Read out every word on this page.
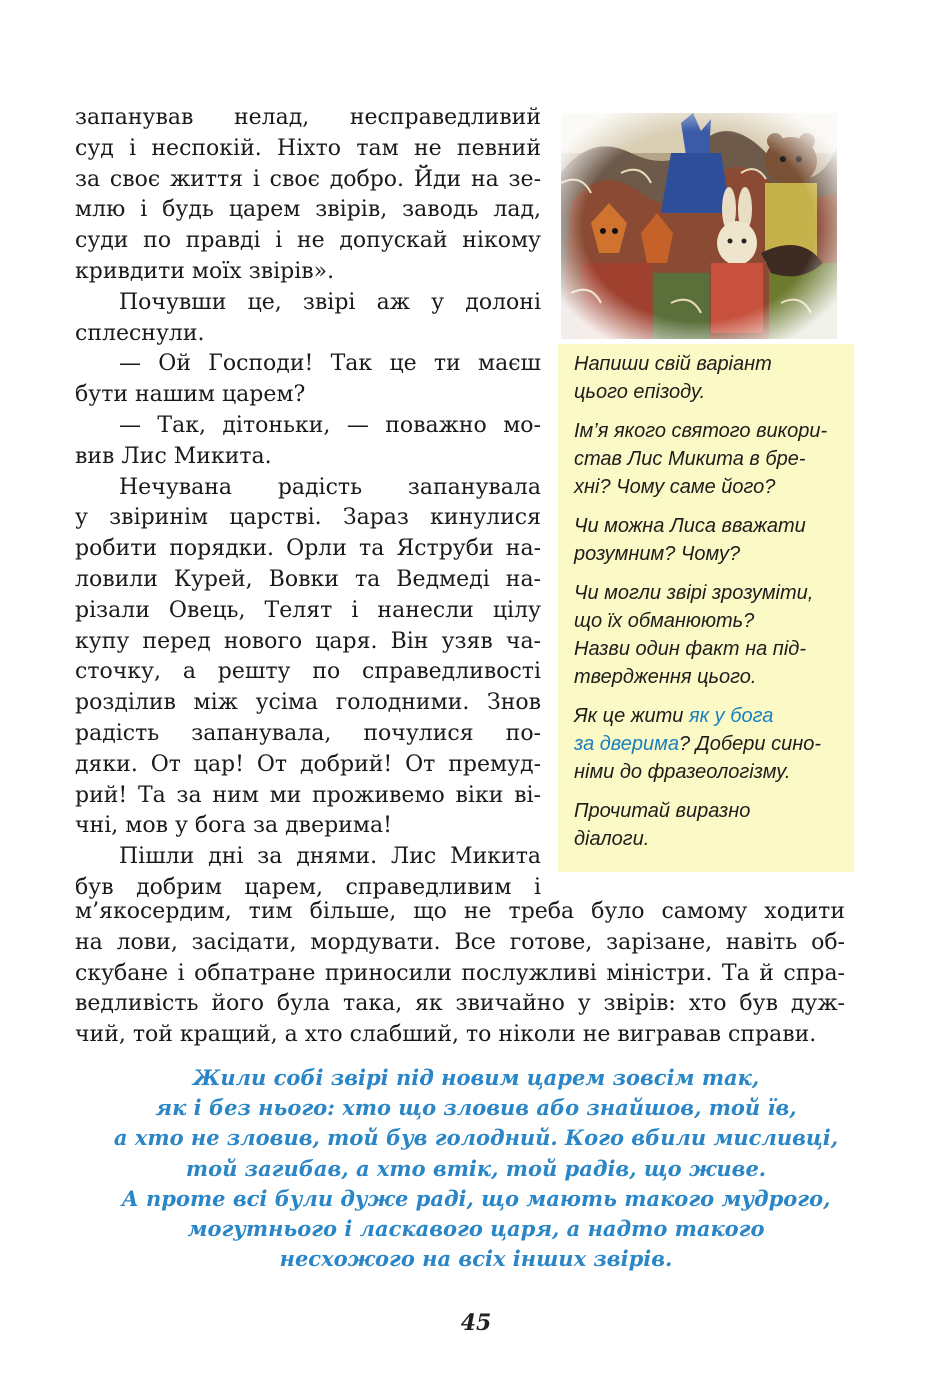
запанував нелад, несправедливий
суд і неспокій. Ніхто там не певний
за своє життя і своє добро. Йди на зе-
млю і будь царем звірів, заводь лад,
суди по правді і не допускай нікому
кривдити моїх звірів».

Почувши це, звірі аж у долоні
сплеснули.

— Ой Господи! Так це ти маєш
бути нашим царем?

— Так, дітоньки, — поважно мо-
вив Лис Микита.

Нечувана радість запанувала
у звіринім царстві. Зараз кинулися
робити порядки. Орли та Яструби на-
ловили Курей, Вовки та Ведмеді на-
різали Овець, Телят і нанесли цілу
купу перед нового царя. Він узяв ча-
сточку, а решту по справедливості
розділив між усіма голодними. Знов
радість запанувала, почулися по-
дяки. От цар! От добрий! От премуд-
рий! Та за ним ми проживемо віки ві-
чні, мов у бога за дверима!

Пішли дні за днями. Лис Микита
був добрим царем, справедливим і

м’якосердим, тим більше, що не треба було самому ходити
на лови, засідати, мордувати. Все готове, зарізане, навіть об-
скубане і обпатране приносили послужливі міністри. Та й спра-
ведливість його була така, як звичайно у звірів: хто був дуж-
чий, той кращий, а хто слабший, то ніколи не вигравав справи.

Напиши свій варіант
цього епізоду.

Ім’я якого святого викори-
став Лис Микита в бре-
хні? Чому саме його?

Чи можна Лиса вважати
розумним? Чому?

Чи могли звірі зрозуміти,
що їх обманюють?
Назви один факт на під-
твердження цього.

Як це жити як у бога
за дверима? Добери сино-
німи до фразеологізму.

Прочитай виразно
діалоги.

Жили собі звірі під новим царем зовсім так,
як і без нього: хто що зловив або знайшов, той їв,
а хто не зловив, той був голодний. Кого вбили мисливці,
той загибав, а хто втік, той радів, що живе.
А проте всі були дуже раді, що мають такого мудрого,
могутнього і ласкавого царя, а надто такого
несхожого на всіх інших звірів.
45
